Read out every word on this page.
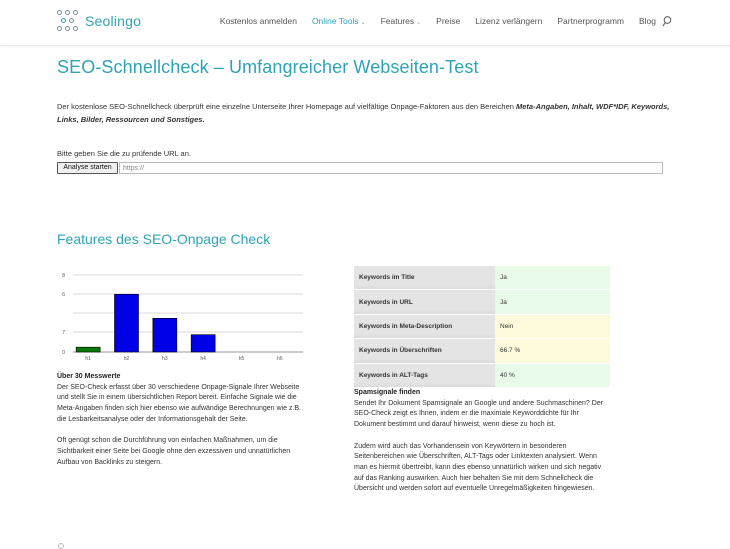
Seolingo	Kostenlos anmelden Online Tools ⌄ Features ⌄ Preise Lizenz verlängern Partnerprogramm Blog
SEO-Schnellcheck – Umfangreicher Webseiten-Test
Der kostenlose SEO-Schnellcheck überprüft eine einzelne Unterseite Ihrer Homepage auf vielfältige Onpage-Faktoren aus den Bereichen Meta-Angaben, Inhalt, WDF*IDF, Keywords, Links, Bilder, Ressourcen und Sonstiges.
Bitte geben Sie die zu prüfende URL an.
Analyse starten
https://
Features des SEO-Onpage Check
8
6
7
0
h1	h2	h3	h4	h5	h6
Über 30 Messwerte
Der SEO-Check erfasst über 30 verschiedene Onpage-Signale Ihrer Webseite und stellt Sie in einem übersichtlichen Report bereit. Einfache Signale wie die Meta-Angaben finden sich hier ebenso wie aufwändige Berechnungen wie z.B. die Lesbarkeitsanalyse oder der Informationsgehalt der Seite.
Oft genügt schon die Durchführung von einfachen Maßnahmen, um die Sichtbarkeit einer Seite bei Google ohne den exzessiven und unnatürlichen Aufbau von Backlinks zu steigern.
Keywords im Title	Ja
Keywords in URL	Ja
Keywords in Meta-Description	Nein
Keywords in Überschriften	66.7 %
Keywords in ALT-Tags	40 %
Spamsignale finden
Sendet Ihr Dokument Spamsignale an Google und andere Suchmaschinen? Der SEO-Check zeigt es Ihnen, indem er die maximale Keyworddichte für Ihr Dokument bestimmt und darauf hinweist, wenn diese zu hoch ist.
Zudem wird auch das Vorhandensein von Keywörtern in besonderen Seitenbereichen wie Überschriften, ALT-Tags oder Linktexten analysiert. Wenn man es hiermit übertreibt, kann dies ebenso unnatürlich wirken und sich negativ auf das Ranking auswirken. Auch hier behalten Sie mit dem Schnellcheck die Übersicht und werden sofort auf eventuelle Unregelmäßigkeiten hingewiesen.
